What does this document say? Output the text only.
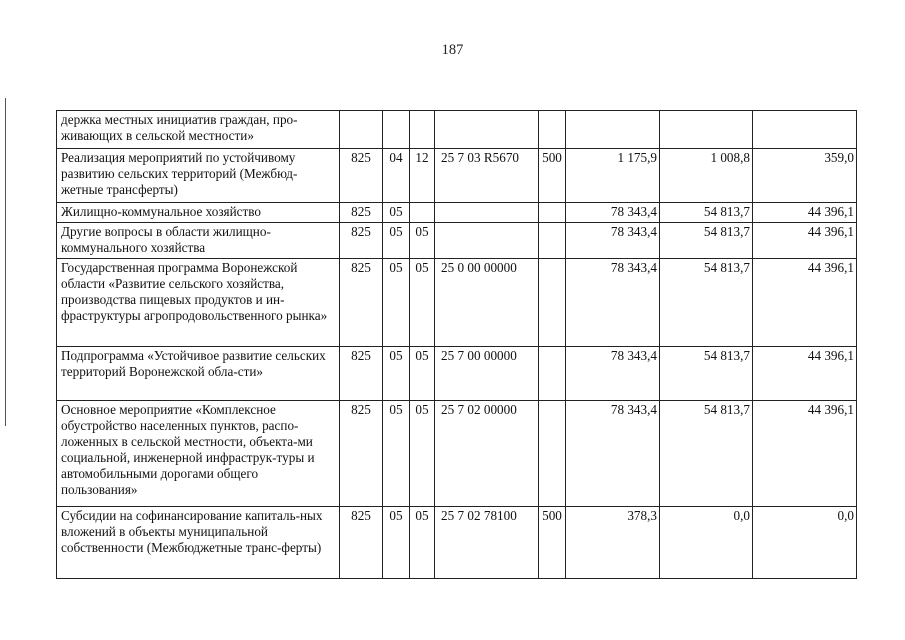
187
держка местных инициатив граждан, про-живающих в сельской местности»								
Реализация мероприятий по устойчивому развитию сельских территорий (Межбюд-жетные трансферты)	825	04	12	25 7 03 R5670	500	1 175,9	1 008,8	359,0
Жилищно-коммунальное хозяйство	825	05				78 343,4	54 813,7	44 396,1
Другие вопросы в области жилищно-коммунального хозяйства	825	05	05			78 343,4	54 813,7	44 396,1
Государственная программа Воронежской области «Развитие сельского хозяйства, производства пищевых продуктов и ин-фраструктуры агропродовольственного рынка»	825	05	05	25 0 00 00000		78 343,4	54 813,7	44 396,1
Подпрограмма «Устойчивое развитие сельских территорий Воронежской обла-сти»	825	05	05	25 7 00 00000		78 343,4	54 813,7	44 396,1
Основное мероприятие «Комплексное обустройство населенных пунктов, распо-ложенных в сельской местности, объекта-ми социальной, инженерной инфраструк-туры и автомобильными дорогами общего пользования»	825	05	05	25 7 02 00000		78 343,4	54 813,7	44 396,1
Субсидии на софинансирование капиталь-ных вложений в объекты муниципальной собственности (Межбюджетные транс-ферты)	825	05	05	25 7 02 78100	500	378,3	0,0	0,0
